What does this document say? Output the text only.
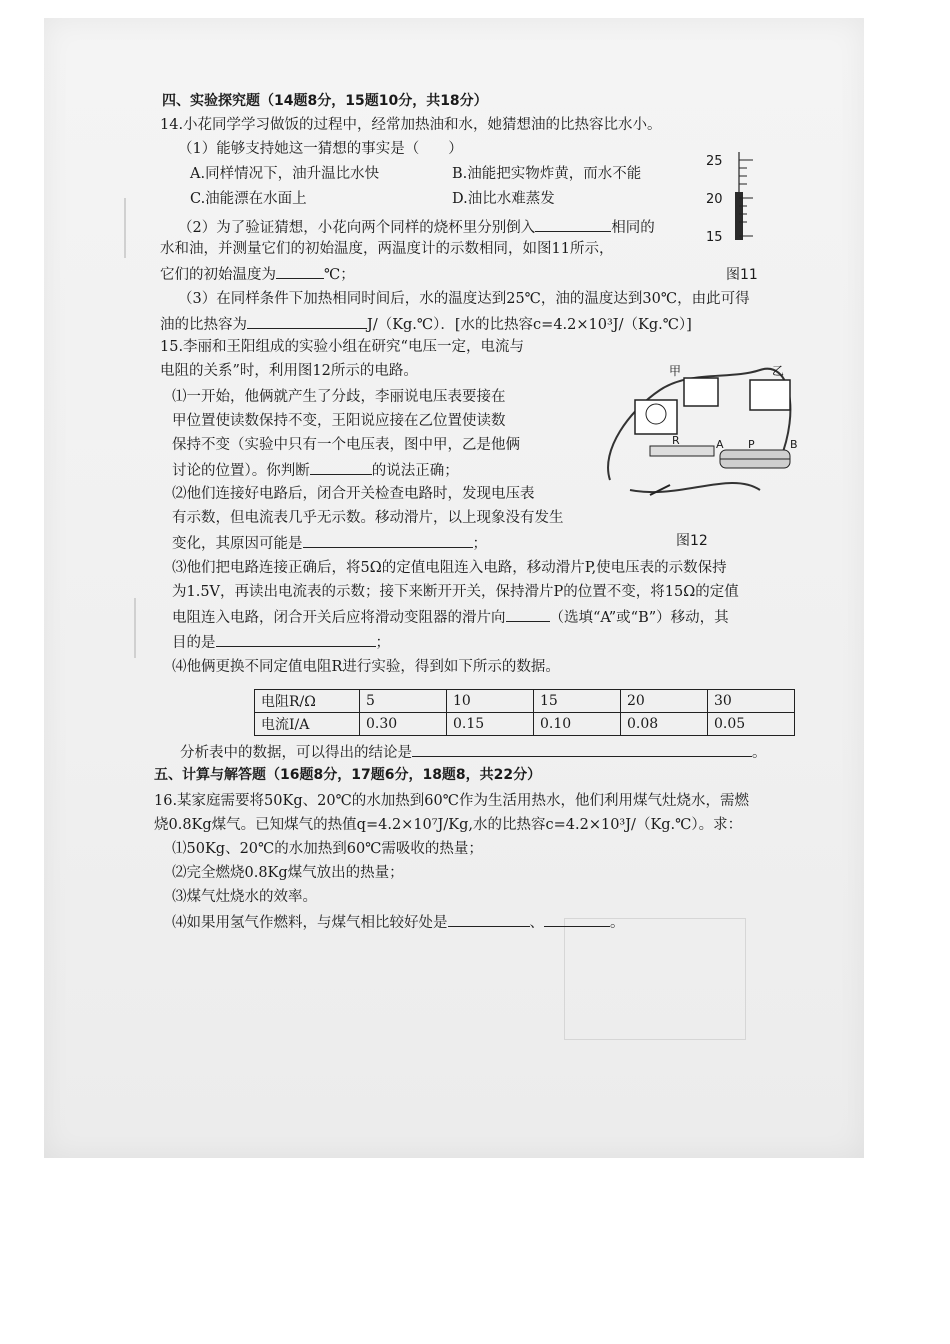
四、实验探究题（14题8分，15题10分，共18分）
14.小花同学学习做饭的过程中，经常加热油和水，她猜想油的比热容比水小。
（1）能够支持她这一猜想的事实是（　　）
A.同样情况下，油升温比水快	B.油能把实物炸黄，而水不能
C.油能漂在水面上	D.油比水难蒸发
（2）为了验证猜想，小花向两个同样的烧杯里分别倒入	相同的
水和油，并测量它们的初始温度，两温度计的示数相同，如图11所示，
它们的初始温度为	℃；
（3）在同样条件下加热相同时间后，水的温度达到25℃，油的温度达到30℃，由此可得
油的比热容为	J/（Kg.℃）．[水的比热容c=4.2×10³J/（Kg.℃）]
25
20
15
图11
15.李丽和王阳组成的实验小组在研究“电压一定，电流与
电阻的关系”时，利用图12所示的电路。
⑴一开始，他俩就产生了分歧，李丽说电压表要接在
甲位置使读数保持不变，王阳说应接在乙位置使读数
保持不变（实验中只有一个电压表，图中甲，乙是他俩
讨论的位置）。你判断	的说法正确；
⑵他们连接好电路后，闭合开关检查电路时，发现电压表
有示数，但电流表几乎无示数。移动滑片，以上现象没有发生
变化，其原因可能是	；
⑶他们把电路连接正确后，将5Ω的定值电阻连入电路，移动滑片P,使电压表的示数保持
为1.5V，再读出电流表的示数；接下来断开开关，保持滑片P的位置不变，将15Ω的定值
电阻连入电路，闭合开关后应将滑动变阻器的滑片向	（选填“A”或“B”）移动，其
目的是	；
⑷他俩更换不同定值电阻R进行实验，得到如下所示的数据。
甲	乙
R	A P	B
图12
电阻R/Ω	5	10	15	20	30
电流I/A	0.30	0.15	0.10	0.08	0.05
分析表中的数据，可以得出的结论是	。
五、计算与解答题（16题8分，17题6分，18题8，共22分）
16.某家庭需要将50Kg、20℃的水加热到60℃作为生活用热水，他们利用煤气灶烧水，需燃
烧0.8Kg煤气。已知煤气的热值q=4.2×10⁷J/Kg,水的比热容c=4.2×10³J/（Kg.℃）。求：
⑴50Kg、20℃的水加热到60℃需吸收的热量；
⑵完全燃烧0.8Kg煤气放出的热量；
⑶煤气灶烧水的效率。
⑷如果用氢气作燃料，与煤气相比较好处是	、	。
